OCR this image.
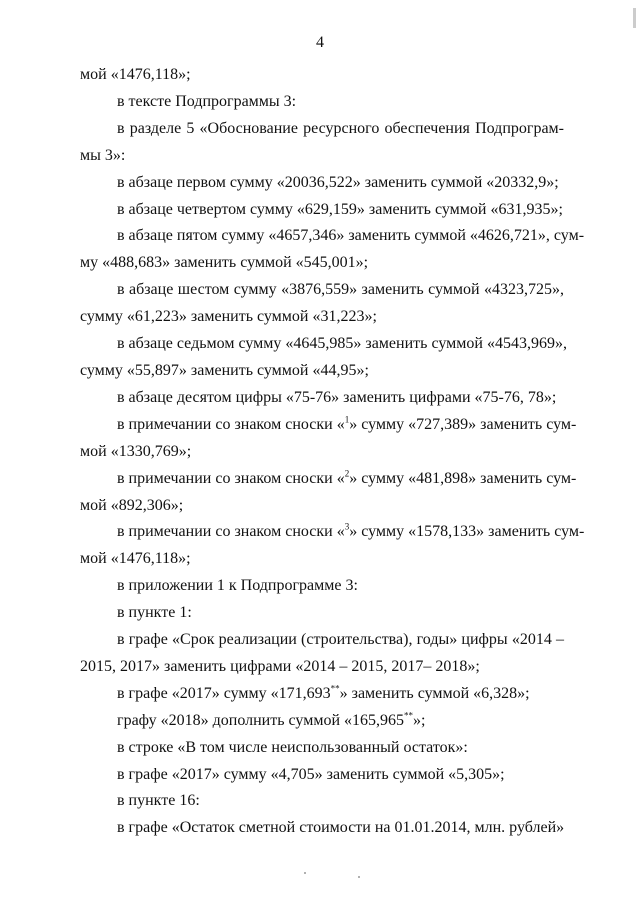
4
мой «1476,118»;
в тексте Подпрограммы 3:
в разделе 5 «Обоснование ресурсного обеспечения Подпрограм-
мы 3»:
в абзаце первом сумму «20036,522» заменить суммой «20332,9»;
в абзаце четвертом сумму «629,159» заменить суммой «631,935»;
в абзаце пятом сумму «4657,346» заменить суммой «4626,721», сум-
му «488,683» заменить суммой «545,001»;
в абзаце шестом сумму «3876,559» заменить суммой «4323,725»,
сумму «61,223» заменить суммой «31,223»;
в абзаце седьмом сумму «4645,985» заменить суммой «4543,969»,
сумму «55,897» заменить суммой «44,95»;
в абзаце десятом цифры «75-76» заменить цифрами «75-76, 78»;
в примечании со знаком сноски «$^1$» сумму «727,389» заменить сум-
мой «1330,769»;
в примечании со знаком сноски «$^2$» сумму «481,898» заменить сум-
мой «892,306»;
в примечании со знаком сноски «$^3$» сумму «1578,133» заменить сум-
мой «1476,118»;
в приложении 1 к Подпрограмме 3:
в пункте 1:
в графе «Срок реализации (строительства), годы» цифры «2014 –
2015, 2017» заменить цифрами «2014 – 2015, 2017– 2018»;
в графе «2017» сумму «171,693**» заменить суммой «6,328»;
графу «2018» дополнить суммой «165,965**»;
в строке «В том числе неиспользованный остаток»:
в графе «2017» сумму «4,705» заменить суммой «5,305»;
в пункте 16:
в графе «Остаток сметной стоимости на 01.01.2014, млн. рублей»
